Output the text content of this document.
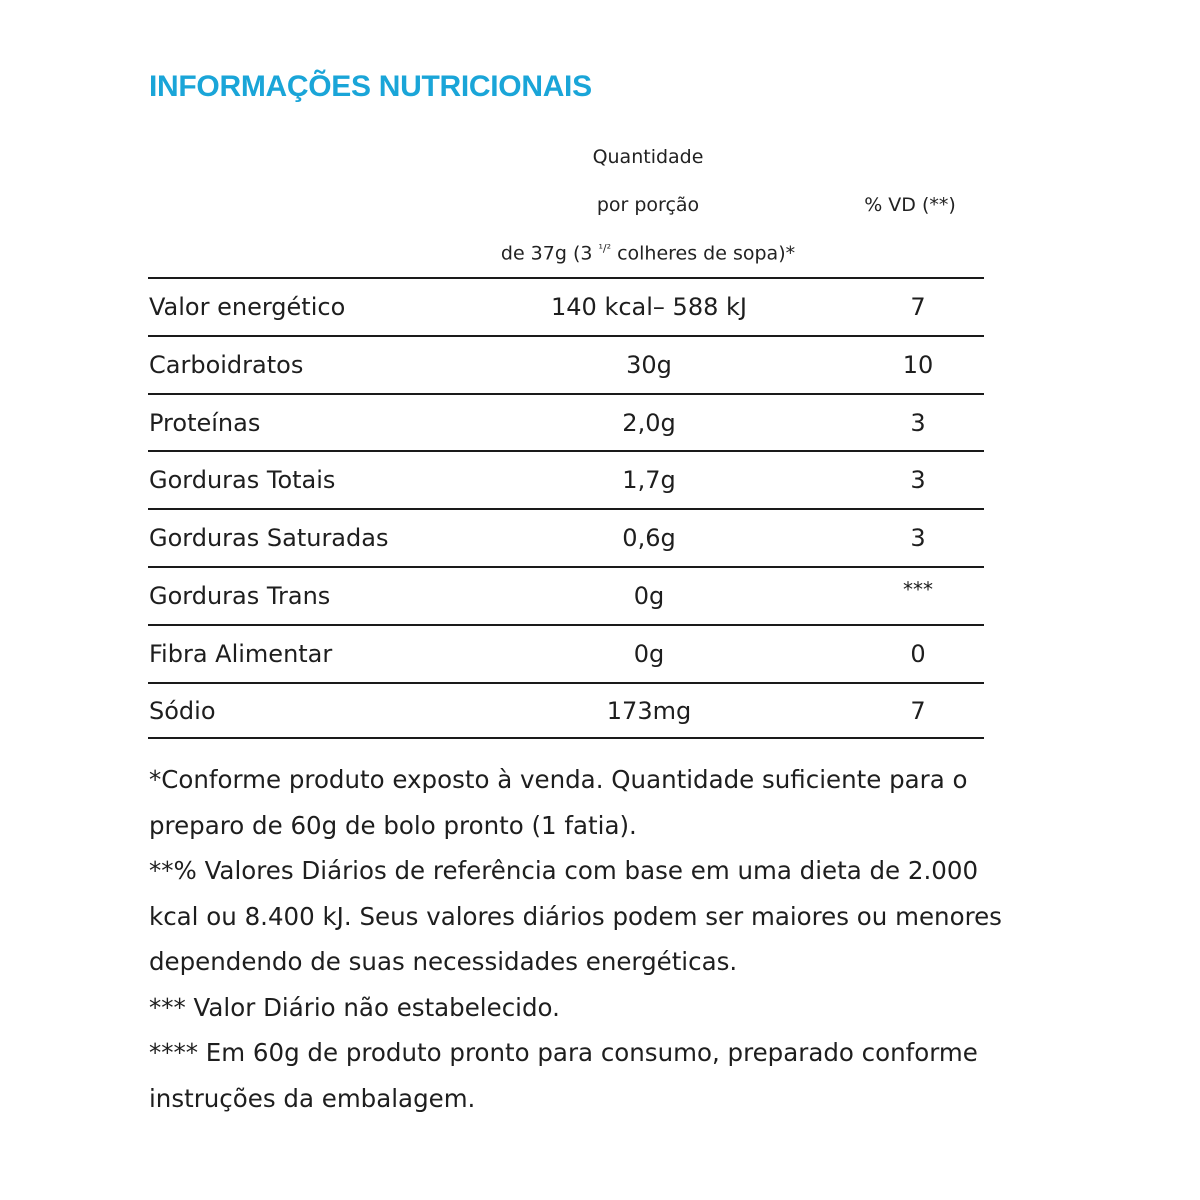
INFORMAÇÕES NUTRICIONAIS
Quantidade
por porção
de 37g (3 $^{^1/^2}$ colheres de sopa)*
% VD (**)
Valor energético	140 kcal– 588 kJ	7
Carboidratos	30g	10
Proteínas	2,0g	3
Gorduras Totais	1,7g	3
Gorduras Saturadas	0,6g	3
Gorduras Trans	0g	***
Fibra Alimentar	0g	0
Sódio	173mg	7

*Conforme produto exposto à venda. Quantidade suficiente para o preparo de 60g de bolo pronto (1 fatia).

**% Valores Diários de referência com base em uma dieta de 2.000 kcal ou 8.400 kJ. Seus valores diários podem ser maiores ou menores dependendo de suas necessidades energéticas.

*** Valor Diário não estabelecido.

**** Em 60g de produto pronto para consumo, preparado conforme instruções da embalagem.
